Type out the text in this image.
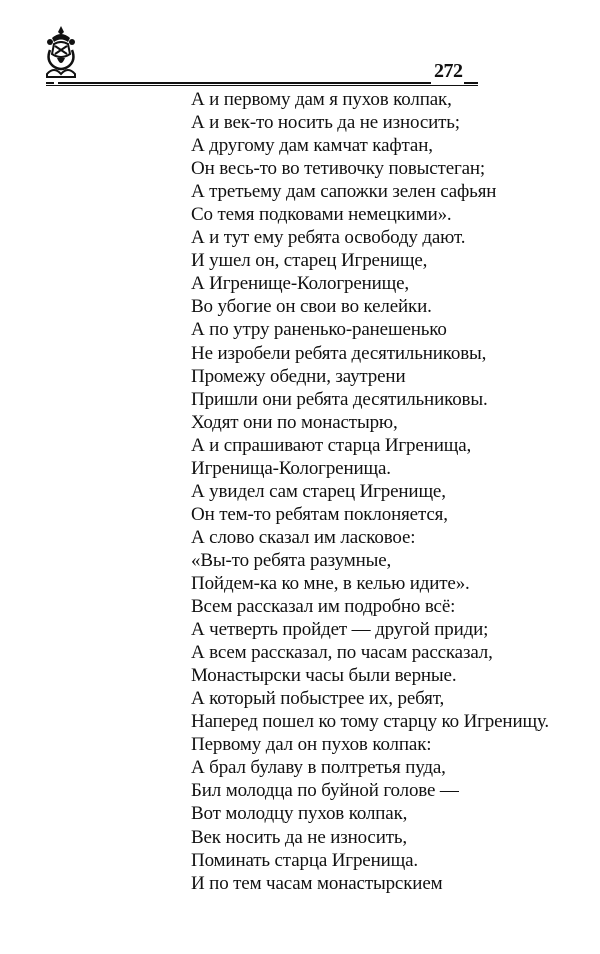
272
А и первому дам я пухов колпак,
А и век-то носить да не износить;
А другому дам камчат кафтан,
Он весь-то во тетивочку повыстеган;
А третьему дам сапожки зелен сафьян
Со темя подковами немецкими».
А и тут ему ребята освободу дают.
И ушел он, старец Игренище,
А Игренище-Кологренище,
Во убогие он свои во келейки.
А по утру раненько-ранешенько
Не изробели ребята десятильниковы,
Промежу обедни, заутрени
Пришли они ребята десятильниковы.
Ходят они по монастырю,
А и спрашивают старца Игренища,
Игренища-Кологренища.
А увидел сам старец Игренище,
Он тем-то ребятам поклоняется,
А слово сказал им ласковое:
«Вы-то ребята разумные,
Пойдем-ка ко мне, в келью идите».
Всем рассказал им подробно всё:
А четверть пройдет — другой приди;
А всем рассказал, по часам рассказал,
Монастырски часы были верные.
А который побыстрее их, ребят,
Наперед пошел ко тому старцу ко Игренищу.
Первому дал он пухов колпак:
А брал булаву в полтретья пуда,
Бил молодца по буйной голове —
Вот молодцу пухов колпак,
Век носить да не износить,
Поминать старца Игренища.
И по тем часам монастырскием
